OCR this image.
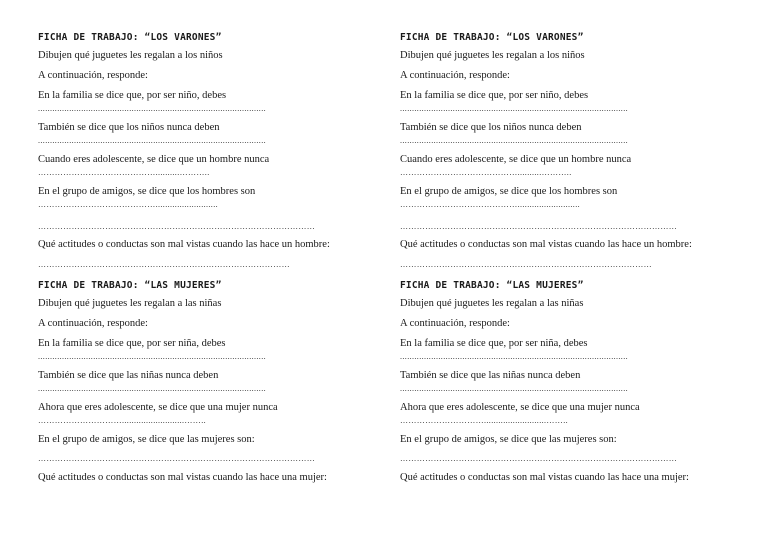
FICHA DE TRABAJO: “LOS VARONES”
Dibujen qué juguetes les regalan a los niños
A continuación, responde:
En la familia se dice que, por ser niño, debes
...............................................................................................
También se dice que los niños nunca deben
...............................................................................................
Cuando eres adolescente, se dice que un hombre nunca
……………………………………..........………..
En el grupo de amigos, se dice que los hombres son
……………………………………..........................
………………………………………………………………………………………
Qué actitudes o conductas son mal vistas cuando las hace un hombre:
………………………………………………………………………………
FICHA DE TRABAJO: “LAS MUJERES”
Dibujen qué juguetes les regalan a las niñas
A continuación, responde:
En la familia se dice que, por ser niña, debes
...............................................................................................
También se dice que las niñas nunca deben
...............................................................................................
Ahora que eres adolescente, se dice que una mujer nunca
…………………………..........................……..
En el grupo de amigos, se dice que las mujeres son:
………………………………………………………………………………………
Qué actitudes o conductas son mal vistas cuando las hace una mujer:
FICHA DE TRABAJO: “LOS VARONES”
Dibujen qué juguetes les regalan a los niños
A continuación, responde:
En la familia se dice que, por ser niño, debes
...............................................................................................
También se dice que los niños nunca deben
...............................................................................................
Cuando eres adolescente, se dice que un hombre nunca
……………………………………..........………..
En el grupo de amigos, se dice que los hombres son
……………………………………..........................
………………………………………………………………………………………
Qué actitudes o conductas son mal vistas cuando las hace un hombre:
………………………………………………………………………………
FICHA DE TRABAJO: “LAS MUJERES”
Dibujen qué juguetes les regalan a las niñas
A continuación, responde:
En la familia se dice que, por ser niña, debes
...............................................................................................
También se dice que las niñas nunca deben
...............................................................................................
Ahora que eres adolescente, se dice que una mujer nunca
…………………………..........................……..
En el grupo de amigos, se dice que las mujeres son:
………………………………………………………………………………………
Qué actitudes o conductas son mal vistas cuando las hace una mujer:
